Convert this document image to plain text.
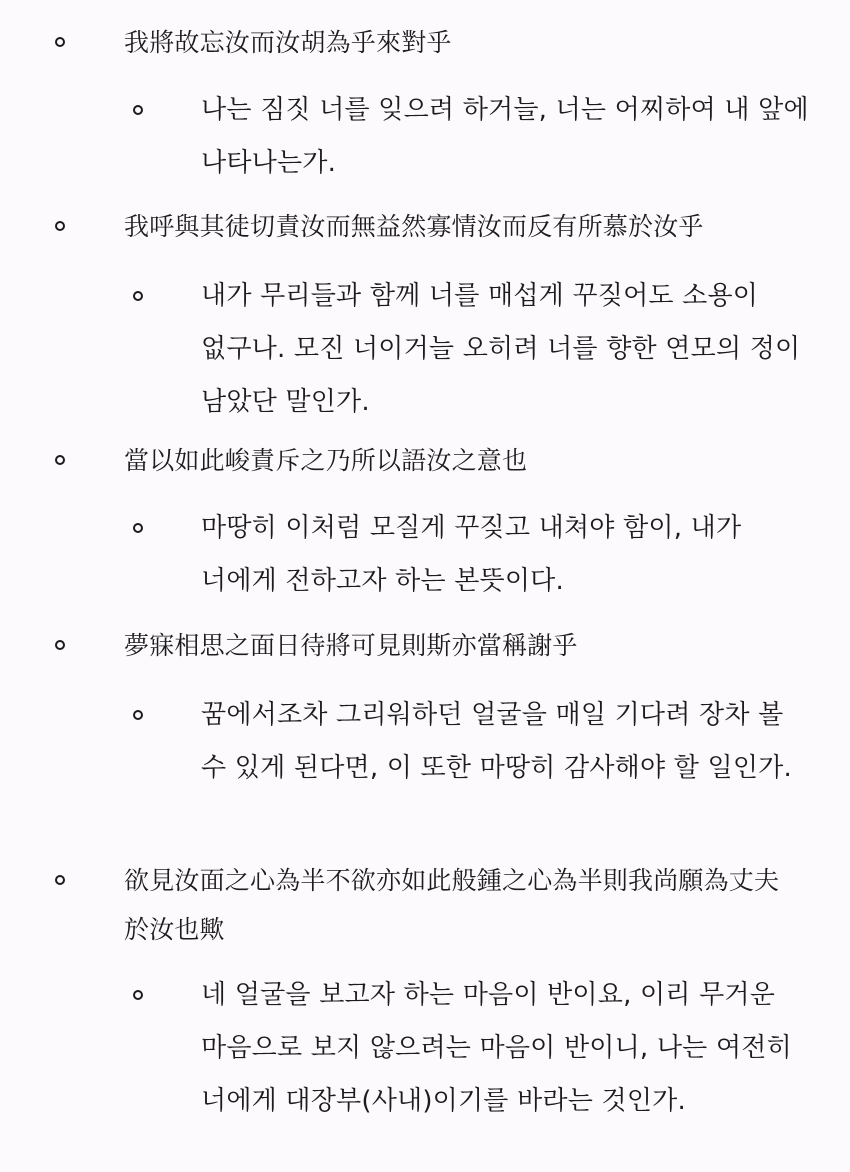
我將故忘汝而汝胡為乎來對乎
나는 짐짓 너를 잊으려 하거늘, 너는 어찌하여 내 앞에 나타나는가.
我呼與其徒切責汝而無益然寡情汝而反有所慕於汝乎
내가 무리들과 함께 너를 매섭게 꾸짖어도 소용이 없구나. 모진 너이거늘 오히려 너를 향한 연모의 정이 남았단 말인가.
當以如此峻責斥之乃所以語汝之意也
마땅히 이처럼 모질게 꾸짖고 내쳐야 함이, 내가 너에게 전하고자 하는 본뜻이다.
夢寐相思之面日待將可見則斯亦當稱謝乎
꿈에서조차 그리워하던 얼굴을 매일 기다려 장차 볼 수 있게 된다면, 이 또한 마땅히 감사해야 할 일인가.
欲見汝面之心為半不欲亦如此般鍾之心為半則我尚願為丈夫於汝也歟
네 얼굴을 보고자 하는 마음이 반이요, 이리 무거운 마음으로 보지 않으려는 마음이 반이니, 나는 여전히 너에게 대장부(사내)이기를 바라는 것인가.
